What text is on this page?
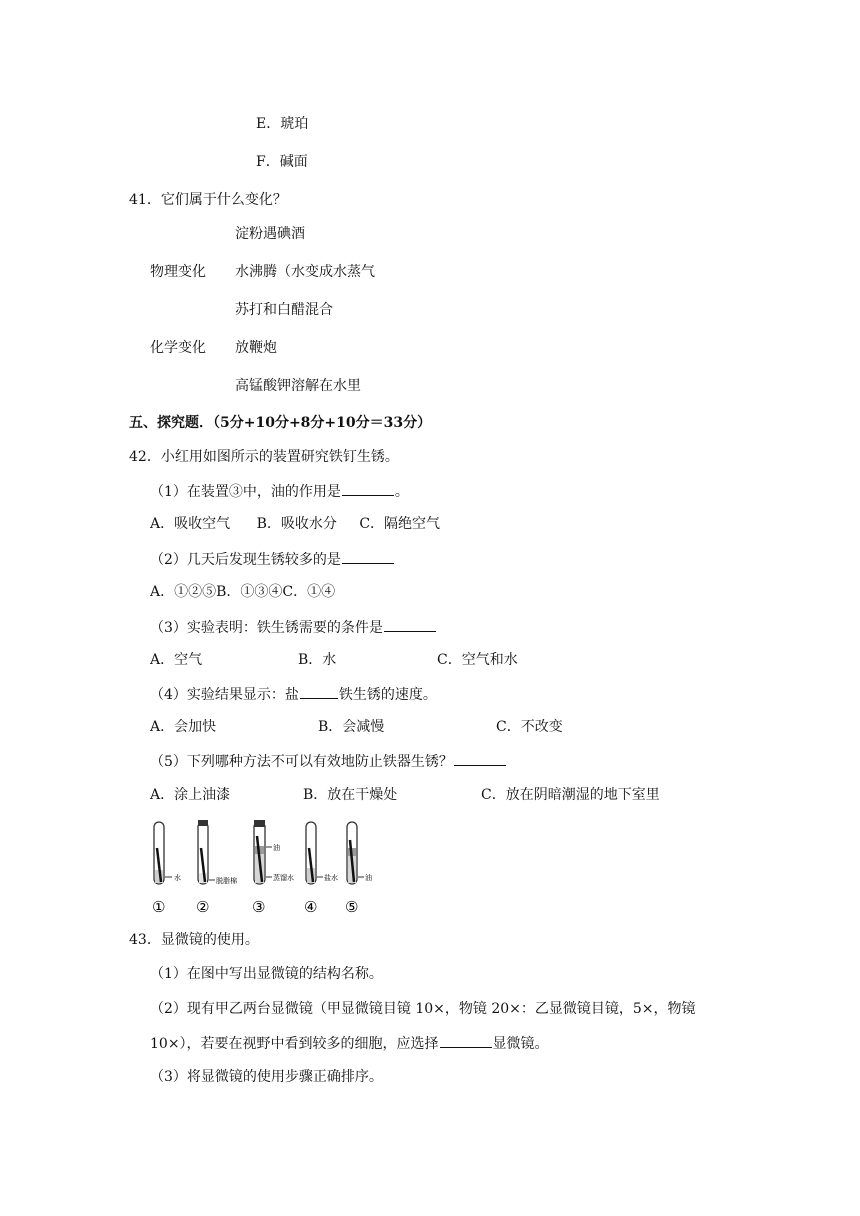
E．琥珀
F．碱面
41．它们属于什么变化？
淀粉遇碘酒
物理变化 水沸腾（水变成水蒸气
苏打和白醋混合
化学变化 放鞭炮
高锰酸钾溶解在水里
五、探究题．（5分+10分+8分+10分＝33分）
42．小红用如图所示的装置研究铁钉生锈。
（1）在装置③中，油的作用是	。
A．吸收空气 B．吸收水分 C．隔绝空气
（2）几天后发现生锈较多的是
A．①②⑤B．①③④C．①④
（3）实验表明：铁生锈需要的条件是
A．空气	B．水	C．空气和水
（4）实验结果显示：盐	铁生锈的速度。
A．会加快	B．会减慢	C．不改变
（5）下列哪种方法不可以有效地防止铁器生锈？
A．涂上油漆	B．放在干燥处	C．放在阴暗潮湿的地下室里
水	脱脂棉
油
蒸馏水	盐水	油
① ②	③	④ ⑤
43．显微镜的使用。
（1）在图中写出显微镜的结构名称。
（2）现有甲乙两台显微镜（甲显微镜目镜 10×，物镜 20×：乙显微镜目镜，5×，物镜
10×），若要在视野中看到较多的细胞，应选择	显微镜。
（3）将显微镜的使用步骤正确排序。
